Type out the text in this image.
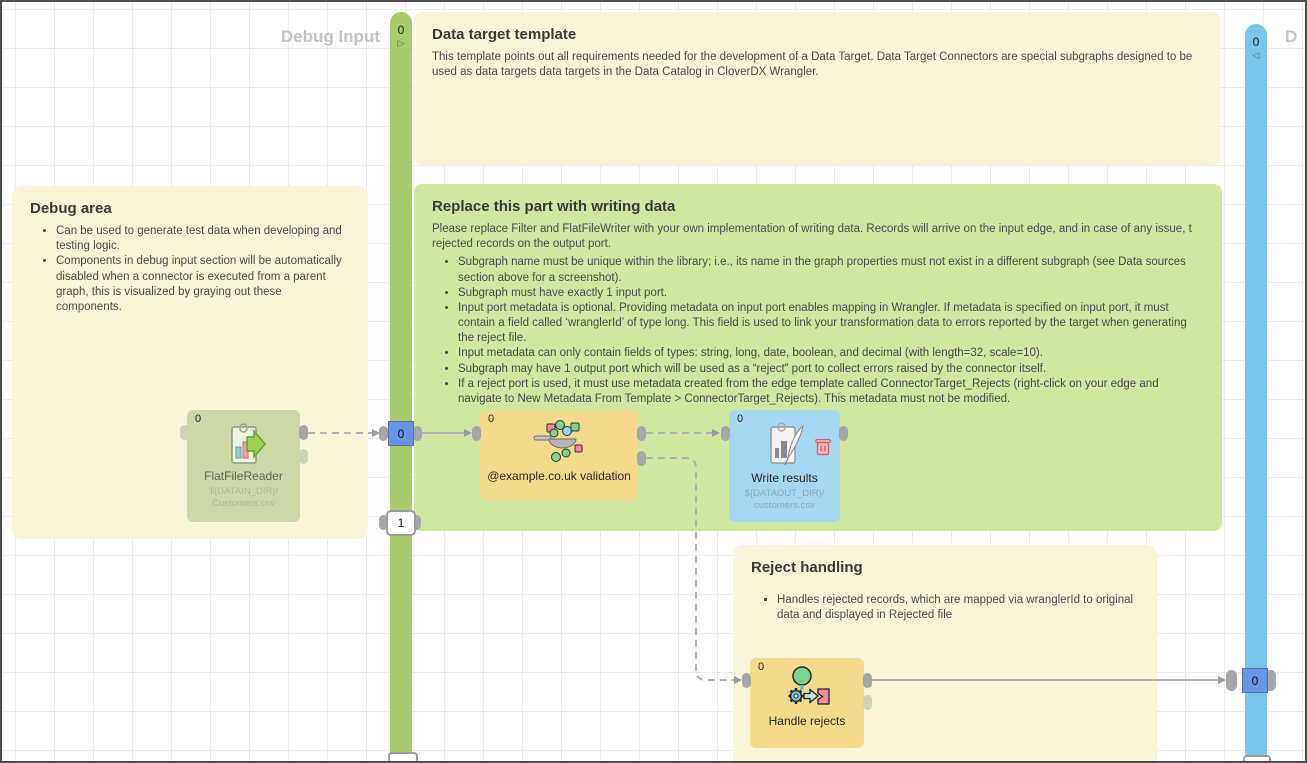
Debug Input	D
Data target template

This template points out all requirements needed for the development of a Data Target. Data Target Connectors are special subgraphs designed to be used as data targets data targets in the Data Catalog in CloverDX Wrangler.

Debug area
• Can be used to generate test data when developing and testing logic.
• Components in debug input section will be automatically disabled when a connector is executed from a parent graph, this is visualized by graying out these components.
Replace this part with writing data

Please replace Filter and FlatFileWriter with your own implementation of writing data. Records will arrive on the input edge, and in case of any issue, t rejected records on the output port.

• Subgraph name must be unique within the library; i.e., its name in the graph properties must not exist in a different subgraph (see Data sources section above for a screenshot).
• Subgraph must have exactly 1 input port.
• Input port metadata is optional. Providing metadata on input port enables mapping in Wrangler. If metadata is specified on input port, it must contain a field called ‘wranglerId’ of type long. This field is used to link your transformation data to errors reported by the target when generating the reject file.
• Input metadata can only contain fields of types: string, long, date, boolean, and decimal (with length=32, scale=10).
• Subgraph may have 1 output port which will be used as a “reject” port to collect errors raised by the connector itself.
• If a reject port is used, it must use metadata created from the edge template called ConnectorTarget_Rejects (right-click on your edge and navigate to New Metadata From Template > ConnectorTarget_Rejects). This metadata must not be modified.
Reject handling
▪ Handles rejected records, which are mapped via wranglerId to original data and displayed in Rejected file
0
▷	0
◁
0
FlatFileReader
${DATAIN_DIR}/
Customers.csv
0
1
0
@example.co.uk validation
0
Write results
${DATAOUT_DIR}/
customers.csv
0
Handle rejects
0
